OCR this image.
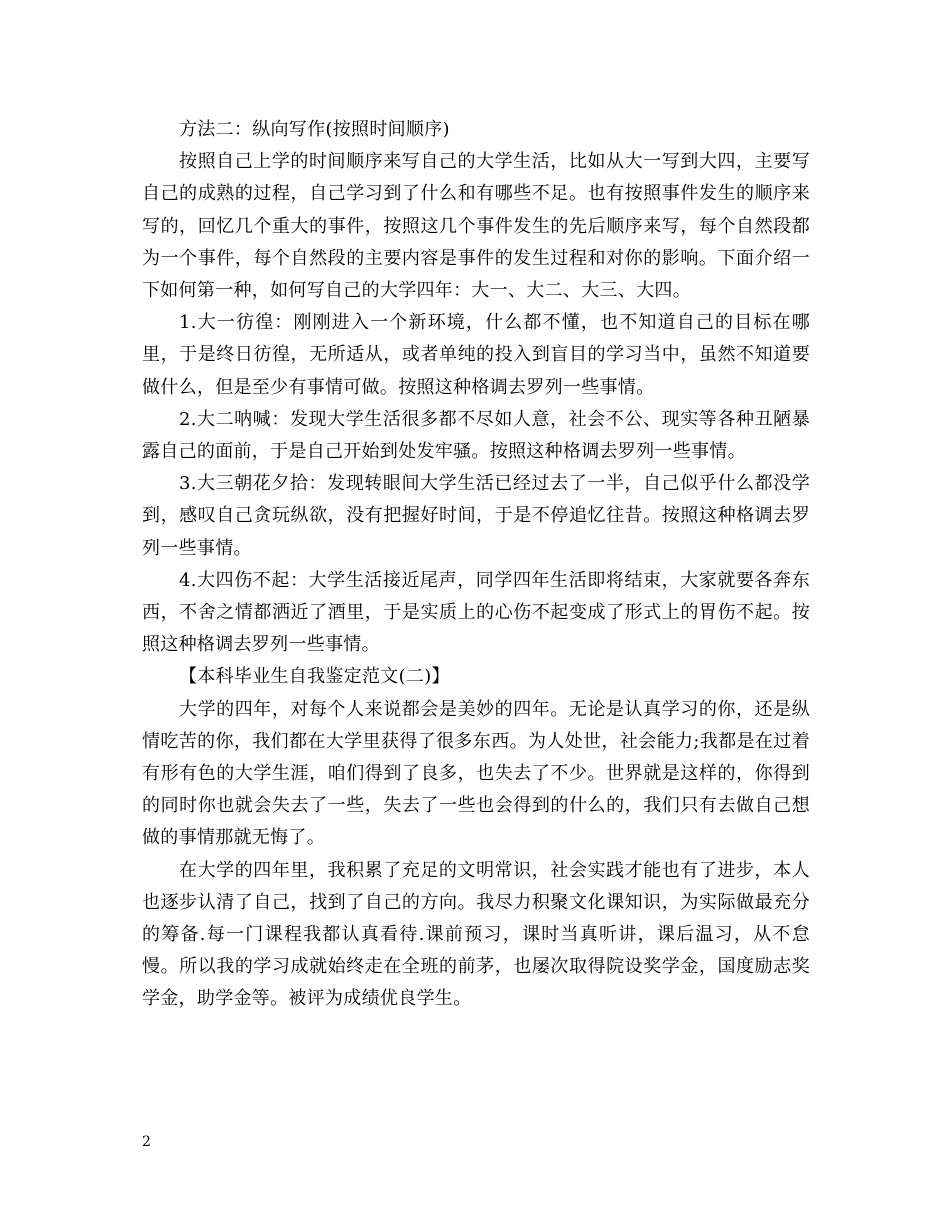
方法二：纵向写作(按照时间顺序)

按照自己上学的时间顺序来写自己的大学生活，比如从大一写到大四，主要写自己的成熟的过程，自己学习到了什么和有哪些不足。也有按照事件发生的顺序来写的，回忆几个重大的事件，按照这几个事件发生的先后顺序来写，每个自然段都为一个事件，每个自然段的主要内容是事件的发生过程和对你的影响。下面介绍一下如何第一种，如何写自己的大学四年：大一、大二、大三、大四。

1.大一彷徨：刚刚进入一个新环境，什么都不懂，也不知道自己的目标在哪里，于是终日彷徨，无所适从，或者单纯的投入到盲目的学习当中，虽然不知道要做什么，但是至少有事情可做。按照这种格调去罗列一些事情。

2.大二呐喊：发现大学生活很多都不尽如人意，社会不公、现实等各种丑陋暴露自己的面前，于是自己开始到处发牢骚。按照这种格调去罗列一些事情。

3.大三朝花夕拾：发现转眼间大学生活已经过去了一半，自己似乎什么都没学到，感叹自己贪玩纵欲，没有把握好时间，于是不停追忆往昔。按照这种格调去罗列一些事情。

4.大四伤不起：大学生活接近尾声，同学四年生活即将结束，大家就要各奔东西，不舍之情都洒近了酒里，于是实质上的心伤不起变成了形式上的胃伤不起。按照这种格调去罗列一些事情。

【本科毕业生自我鉴定范文(二)】

大学的四年，对每个人来说都会是美妙的四年。无论是认真学习的你，还是纵情吃苦的你，我们都在大学里获得了很多东西。为人处世，社会能力;我都是在过着有形有色的大学生涯，咱们得到了良多，也失去了不少。世界就是这样的，你得到的同时你也就会失去了一些，失去了一些也会得到的什么的，我们只有去做自己想做的事情那就无悔了。

在大学的四年里，我积累了充足的文明常识，社会实践才能也有了进步，本人也逐步认清了自己，找到了自己的方向。我尽力积聚文化课知识，为实际做最充分的筹备.每一门课程我都认真看待.课前预习，课时当真听讲，课后温习，从不怠慢。所以我的学习成就始终走在全班的前茅，也屡次取得院设奖学金，国度励志奖学金，助学金等。被评为成绩优良学生。

2
